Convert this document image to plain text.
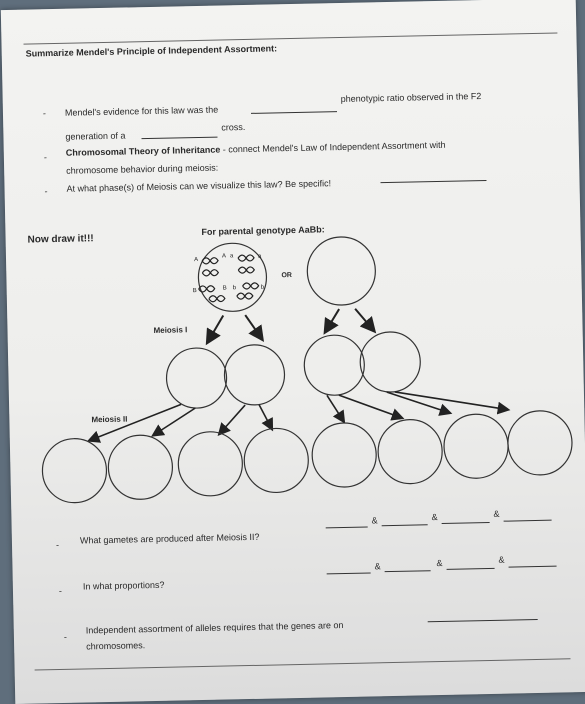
Summarize Mendel's Principle of Independent Assortment:
- Mendel's evidence for this law was the
phenotypic ratio observed in the F2
generation of a
cross.
- Chromosomal Theory of Inheritance - connect Mendel's Law of Independent Assortment with
chromosome behavior during meiosis:
- At what phase(s) of Meiosis can we visualize this law? Be specific!
Now draw it!!!
For parental genotype AaBb:
OR
Meiosis I
Meiosis II
A
A a	a
B	B b	b
- What gametes are produced after Meiosis II?
&	&	&
- In what proportions?
&	&	&
-
Independent assortment of alleles requires that the genes are on
chromosomes.
